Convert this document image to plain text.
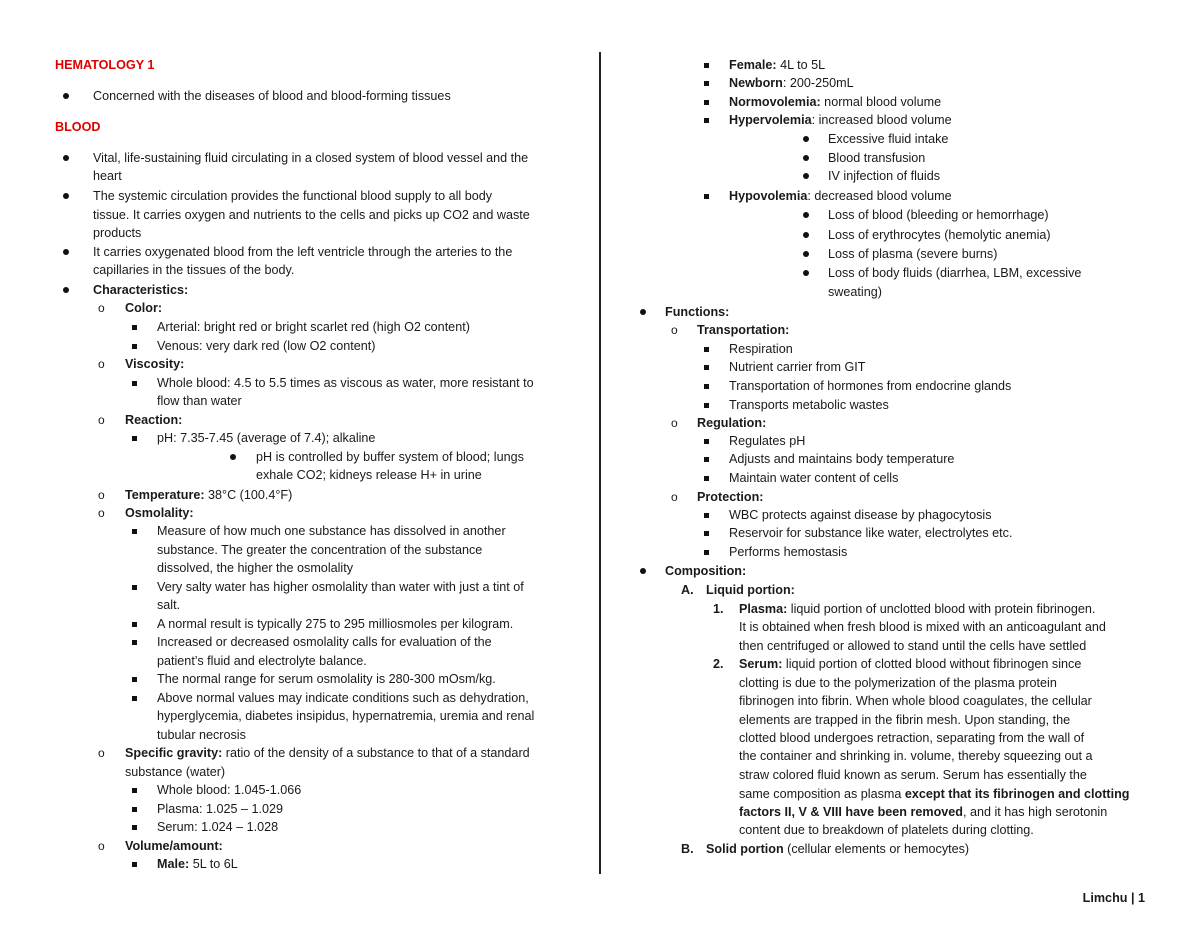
HEMATOLOGY 1
Concerned with the diseases of blood and blood-forming tissues
BLOOD
Vital, life-sustaining fluid circulating in a closed system of blood vessel and the
heart
The systemic circulation provides the functional blood supply to all body
tissue. It carries oxygen and nutrients to the cells and picks up CO2 and waste
products
It carries oxygenated blood from the left ventricle through the arteries to the
capillaries in the tissues of the body.
Characteristics:
o Color:
Arterial: bright red or bright scarlet red (high O2 content)
Venous: very dark red (low O2 content)
o Viscosity:
Whole blood: 4.5 to 5.5 times as viscous as water, more resistant to
flow than water
o Reaction:
pH: 7.35-7.45 (average of 7.4); alkaline
pH is controlled by buffer system of blood; lungs
exhale CO2; kidneys release H+ in urine
o Temperature: 38°C (100.4°F)
o Osmolality:
Measure of how much one substance has dissolved in another
substance. The greater the concentration of the substance
dissolved, the higher the osmolality
Very salty water has higher osmolality than water with just a tint of
salt.
A normal result is typically 275 to 295 milliosmoles per kilogram.
Increased or decreased osmolality calls for evaluation of the
patient’s fluid and electrolyte balance.
The normal range for serum osmolality is 280-300 mOsm/kg.
Above normal values may indicate conditions such as dehydration,
hyperglycemia, diabetes insipidus, hypernatremia, uremia and renal
tubular necrosis
o Specific gravity: ratio of the density of a substance to that of a standard
substance (water)
Whole blood: 1.045-1.066
Plasma: 1.025 – 1.029
Serum: 1.024 – 1.028
o Volume/amount:
Male: 5L to 6L
Female: 4L to 5L
Newborn: 200-250mL
Normovolemia: normal blood volume
Hypervolemia: increased blood volume
Excessive fluid intake
Blood transfusion
IV injfection of fluids
Hypovolemia: decreased blood volume
Loss of blood (bleeding or hemorrhage)
Loss of erythrocytes (hemolytic anemia)
Loss of plasma (severe burns)
Loss of body fluids (diarrhea, LBM, excessive
sweating)
Functions:
o Transportation:
Respiration
Nutrient carrier from GIT
Transportation of hormones from endocrine glands
Transports metabolic wastes
o Regulation:
Regulates pH
Adjusts and maintains body temperature
Maintain water content of cells
o Protection:
WBC protects against disease by phagocytosis
Reservoir for substance like water, electrolytes etc.
Performs hemostasis
Composition:
A. Liquid portion:
1. Plasma: liquid portion of unclotted blood with protein fibrinogen.
It is obtained when fresh blood is mixed with an anticoagulant and
then centrifuged or allowed to stand until the cells have settled
2. Serum: liquid portion of clotted blood without fibrinogen since
clotting is due to the polymerization of the plasma protein
fibrinogen into fibrin. When whole blood coagulates, the cellular
elements are trapped in the fibrin mesh. Upon standing, the
clotted blood undergoes retraction, separating from the wall of
the container and shrinking in. volume, thereby squeezing out a
straw colored fluid known as serum. Serum has essentially the
same composition as plasma except that its fibrinogen and clotting
factors II, V & VIII have been removed, and it has high serotonin
content due to breakdown of platelets during clotting.
B. Solid portion (cellular elements or hemocytes)
Limchu | 1
